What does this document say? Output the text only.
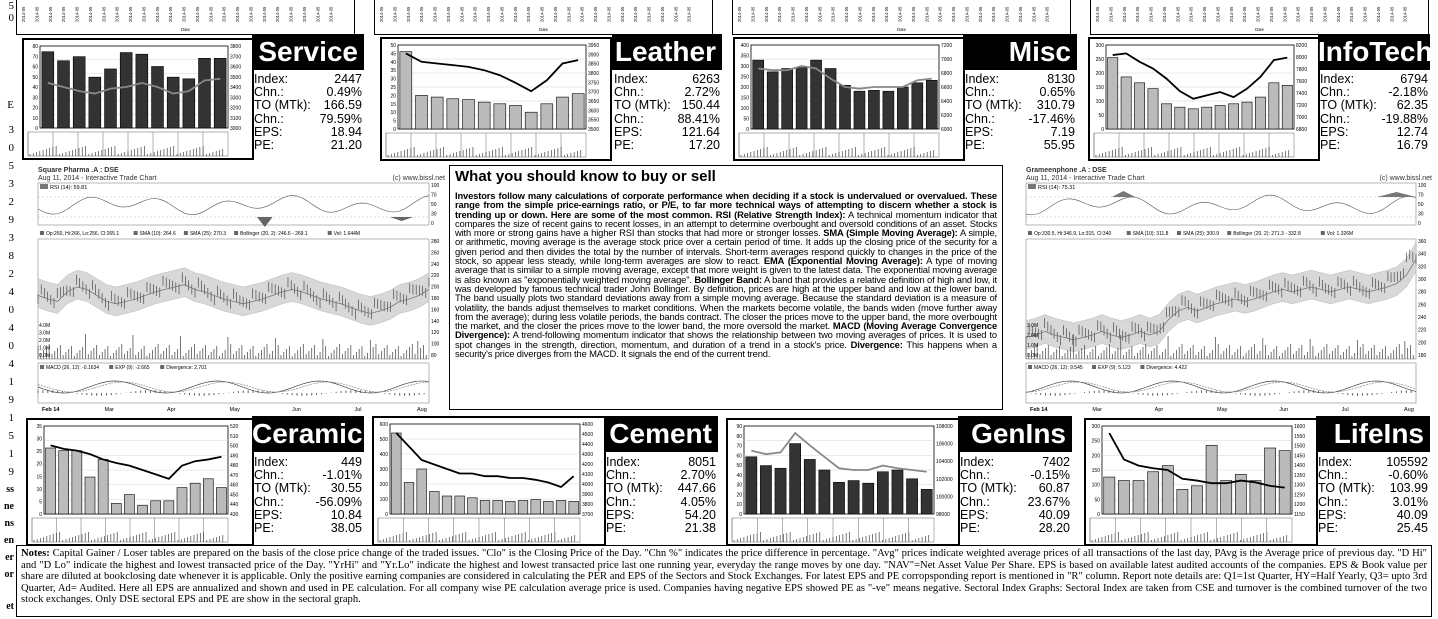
5
0
E
3
0
5
3
2
9
3
8
2
4
0
4
0
4
1
9
1
5
1
9
ss
ne
ns
en
er
or
et
2014-05 2014-05 2014-05 2014-05 2014-05 2014-05 2014-05 2014-05 2014-05 2014-05 2014-05 2014-05 2014-05 2014-05 2014-05 2014-05 2014-05 2014-05 2014-05 2014-05 2014-05 2014-05 2014-05 2014-05
Date
2014-05 2014-05 2014-05 2014-05 2014-05 2014-05 2014-05 2014-05 2014-05 2014-05 2014-05 2014-05 2014-05 2014-05 2014-05 2014-05 2014-05 2014-05 2014-05 2014-05 2014-05 2014-05 2014-05 2014-05
Date
2014-05 2014-05 2014-05 2014-05 2014-05 2014-05 2014-05 2014-05 2014-05 2014-05 2014-05 2014-05 2014-05 2014-05 2014-05 2014-05 2014-05 2014-05 2014-05 2014-05 2014-05 2014-05 2014-05 2014-05
Date
2014-05 2014-05 2014-05 2014-05 2014-05 2014-05 2014-05 2014-05 2014-05 2014-05 2014-05 2014-05 2014-05 2014-05 2014-05 2014-05 2014-05 2014-05 2014-05 2014-05 2014-05 2014-05 2014-05 2014-05
Date
80
70
60
50
40
30
20
10
0
3800
3700
3600
3500
3400
3300
3200
3100
3000
Service
Index:	2447
Chn.:	0.49%
TO (MTk): 166.59
Chn.:	79.59%
EPS:	18.94
PE:	21.20
50
45
40
35
30
25
20
15
10
5
0
3950
3900
3850
3800
3750
3700
3650
3600
3550
3500
Leather
Index:	6263
Chn.:	2.72%
TO (MTk): 150.44
Chn.:	88.41%
EPS:	121.64
PE:	17.20
400
350
300
250
200
150
100
50
0
7200
7000
6800
6600
6400
6200
6000
Misc
Index:	8130
Chn.:	0.65%
TO (MTk): 310.79
Chn.:	-17.46%
EPS:	7.19
PE:	55.95
300
250
200
150
100
50
0
8200
8000
7800
7600
7400
7200
7000
6800
InfoTech
Index:	6794
Chn.:	-2.18%
TO (MTk): 62.35
Chn.:	-19.88%
EPS:	12.74
PE:	16.79
35
30
25
20
15
10
5
0
520
510
500
490
480
470
460
450
440
430
Ceramic
Index:	449
Chn.:	-1.01%
TO (MTk): 30.55
Chn.:	-56.09%
EPS:	10.84
PE:	38.05
600
500
400
300
200
100
0
4600
4500
4400
4300
4200
4100
4000
3900
3800
3700
Cement
Index:	8051
Chn.:	2.70%
TO (MTk): 447.66
Chn.:	4.05%
EPS:	54.20
PE:	21.38
90
80
70
60
50
40
30
20
10
0
108000
106000
104000
102000
100000
98000
GenIns
Index:	7402
Chn.:	-0.15%
TO (MTk): 60.87
Chn.:	23.67%
EPS:	40.09
PE:	28.20
300
250
200
150
100
50
0
1600
1550
1500
1450
1400
1350
1300
1250
1200
1150
LifeIns
Index:	105592
Chn.:	-0.60%
TO (MTk): 103.99
Chn.:	3.01%
EPS:	40.09
PE:	25.45
Square Pharma .A : DSE
Aug 11, 2014 - Interactive Trade Chart	(c) www.bissl.net
RSI (14): 59.81	100
70
50
30
0
Op:260, Hi:266, Lo:256, Cl:265.1	SMA (10): 264.6	SMA (25): 270.3	Bollinger (20, 2): 246.6 - 269.1	Vol: 1.644M
280
260
240
220
200
180
160
140
120
100
80
4.0M
3.0M
2.0M
1.0M
0.0M
MACD (26, 12): -0.1634	EXP (9): -2.665	Divergence: 2.701
Feb 14	Mar	Apr	May	Jun	Jul	Aug
Grameenphone .A : DSE
Aug 11, 2014 - Interactive Trade Chart	(c) www.bissl.net
RSI (14): 75.31	100
70
50
30
0
Op:330.5, Hi:346.9, Lo:315, Cl:340	SMA (10): 311.8	SMA (25): 300.9	Bollinger (20, 2): 271.3 - 332.8	Vol: 1.326M
360
340
320
300
280
260
240
220
200
180
3.0M
2.0M
1.0M
0.0M
MACD (26, 12): 9.545	EXP (9): 5.123	Divergence: 4.422
Feb 14	Mar	Apr	May	Jun	Jul	Aug
What you should know to buy or sell

Investors follow many calculations of corporate performance when deciding if a stock is undervalued or overvalued. These range from the simple price-earnings ratio, or P/E, to far more technical ways of attempting to discern whether a stock is trending up or down. Here are some of the most common. RSI (Relative Strength Index): A technical momentum indicator that compares the size of recent gains to recent losses, in an attempt to determine overbought and oversold conditions of an asset. Stocks with more or strong gains have a higher RSI than stocks that had more or stronger losses. SMA (Simple Moving Average): A simple, or arithmetic, moving average is the average stock price over a certain period of time. It adds up the closing price of the security for a given period and then divides the total by the number of intervals. Short-term averages respond quickly to changes in the price of the stock, so appear less steady, while long-term averages are slow to react. EMA (Exponential Moving Average): A type of moving average that is similar to a simple moving average, except that more weight is given to the latest data. The exponential moving average is also known as "exponentially weighted moving average". Bollinger Band: A band that provides a relative definition of high and low, it was developed by famous technical trader John Bollinger. By definition, prices are high at the upper band and low at the lower band. The band usually plots two standard deviations away from a simple moving average. Because the standard deviation is a measure of volatility, the bands adjust themselves to market conditions. When the markets become volatile, the bands widen (move further away from the average); during less volatile periods, the bands contract. The closer the prices move to the upper band, the more overbought the market, and the closer the prices move to the lower band, the more oversold the market. MACD (Moving Average Convergence Divergence): A trend-following momentum indicator that shows the relationship between two moving averages of prices. It is used to spot changes in the strength, direction, momentum, and duration of a trend in a stock's price. Divergence: This happens when a security's price diverges from the MACD. It signals the end of the current trend.

Notes: Capital Gainer / Loser tables are prepared on the basis of the close price change of the traded issues. "Clo" is the Closing Price of the Day. "Chn %" indicates the price difference in percentage. "Avg" prices indicate weighted average prices of all transactions of the last day, PAvg is the Average price of previous day. "D Hi" and "D Lo" indicate the highest and lowest transacted price of the Day. "YrHi" and "Yr.Lo" indicate the highest and lowest transacted price last one running year, everyday the range moves by one day. "NAV"=Net Asset Value Per Share. EPS is based on available latest audited accounts of the companies. EPS & Book value per share are diluted at bookclosing date whenever it is applicable. Only the positive earning companies are considered in calculating the PER and EPS of the Sectors and Stock Exchanges. For latest EPS and PE corropsponding report is mentioned in "R" column. Report note details are: Q1=1st Quarter, HY=Half Yearly, Q3= upto 3rd Quarter, Ad= Audited. Here all EPS are annualized and shown and used in PE calculation. For all company wise PE calculation average price is used. Companies having negative EPS showed PE as "-ve" means negative. Sectoral Index Graphs: Sectoral Index are taken from CSE and turnover is the combined turnover of the two stock exchanges. Only DSE sectoral EPS and PE are show in the sectoral graph.
